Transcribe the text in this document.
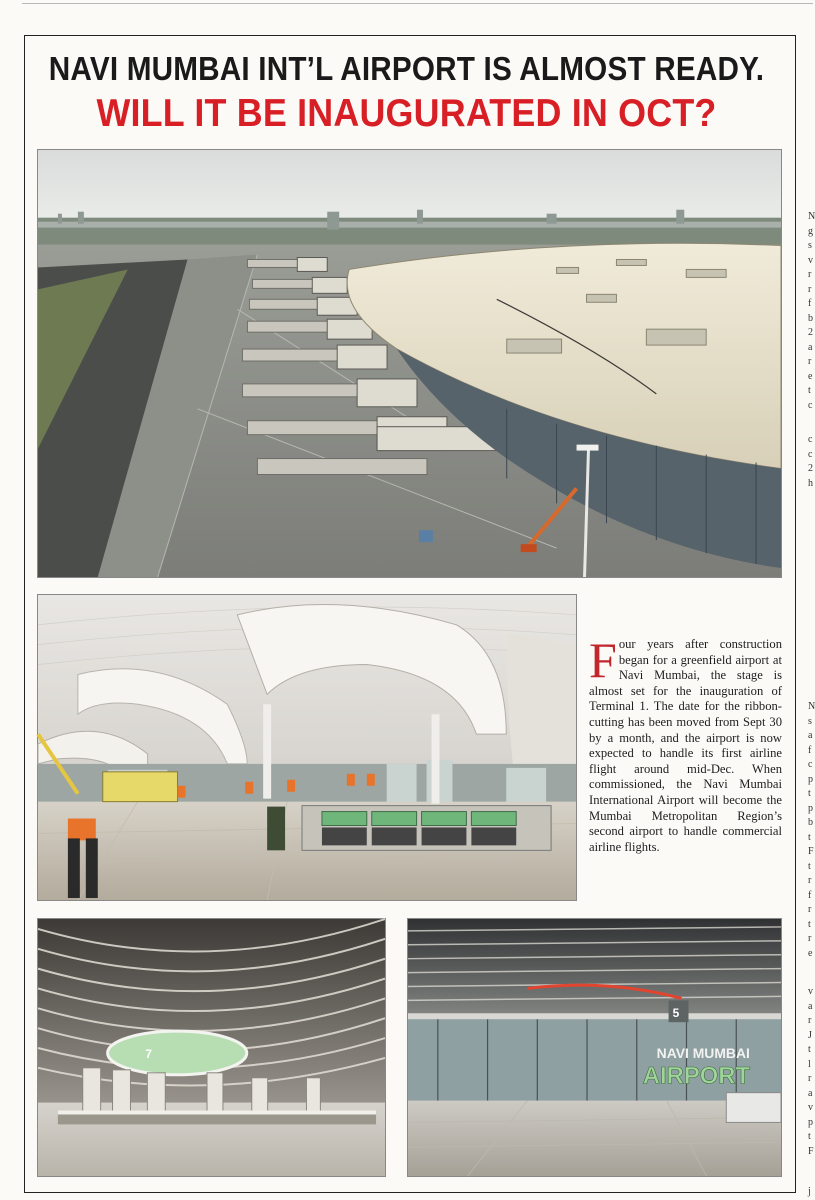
NAVI MUMBAI INT’L AIRPORT IS ALMOST READY.
WILL IT BE INAUGURATED IN OCT?
7
5
NAVI MUMBAI
AIRPORT
Four years after construction began for a greenfield airport at Navi Mumbai, the stage is almost set for the inauguration of Terminal 1. The date for the ribbon-cutting has been moved from Sept 30 by a month, and the airport is now expected to handle its first airline flight around mid-Dec. When commissioned, the Navi Mumbai International Airport will become the Mumbai Metropolitan Region’s second airport to handle commercial airline flights.
N
g
s
v
r
r
f
b
2
a
r
e
t
c
c
c
2
h
N
s
a
f
c
p
t
p
b
t
F
t
r
f
r
t
r
e
v
a
r
J
t
l
r
a
v
p
t
F
j
